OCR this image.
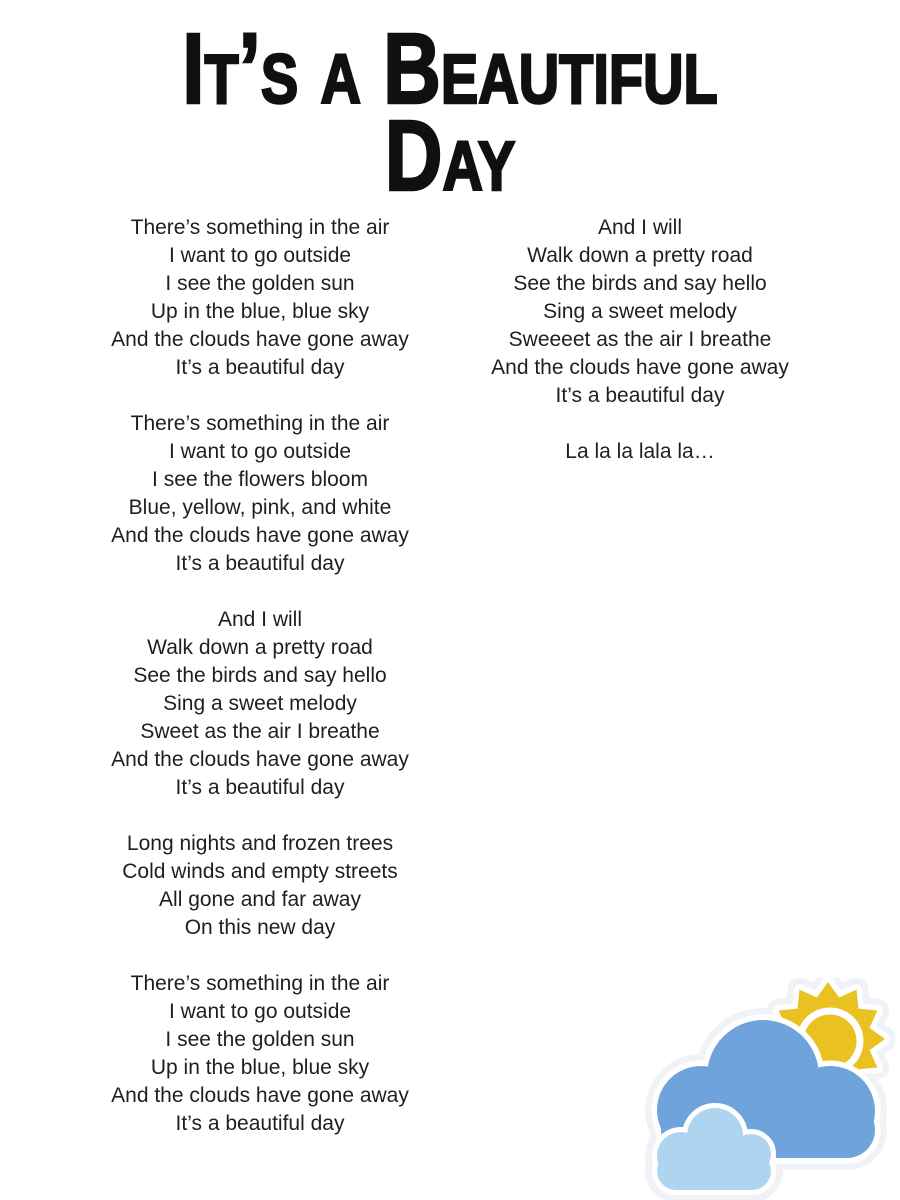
It’s a Beautiful
Day

There’s something in the air
I want to go outside
I see the golden sun
Up in the blue, blue sky
And the clouds have gone away
It’s a beautiful day

There’s something in the air
I want to go outside
I see the flowers bloom
Blue, yellow, pink, and white
And the clouds have gone away
It’s a beautiful day

And I will
Walk down a pretty road
See the birds and say hello
Sing a sweet melody
Sweet as the air I breathe
And the clouds have gone away
It’s a beautiful day

Long nights and frozen trees
Cold winds and empty streets
All gone and far away
On this new day

There’s something in the air
I want to go outside
I see the golden sun
Up in the blue, blue sky
And the clouds have gone away
It’s a beautiful day

And I will
Walk down a pretty road
See the birds and say hello
Sing a sweet melody
Sweeeet as the air I breathe
And the clouds have gone away
It’s a beautiful day

La la la lala la…
